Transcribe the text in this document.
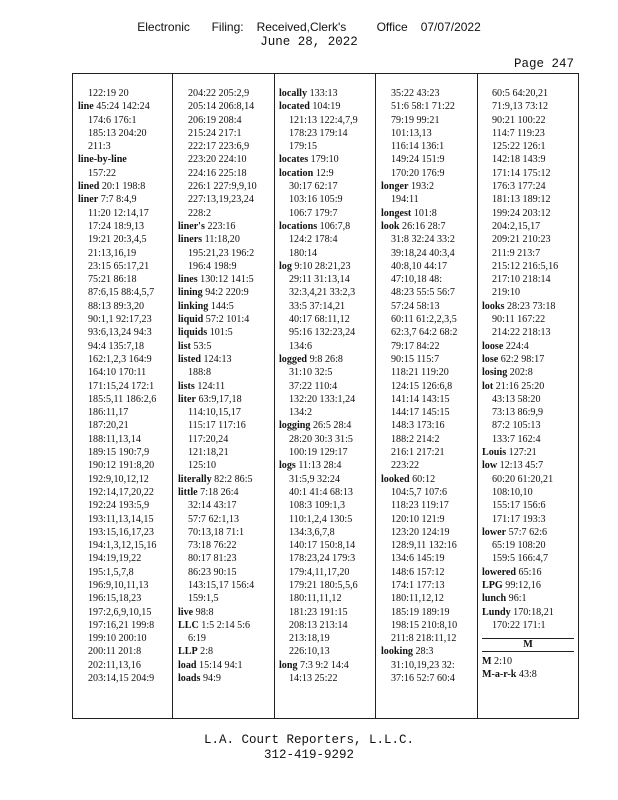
Electronic     Filing:   Received,Clerk's       Office   07/07/2022
June 28, 2022
Page 247
122:19 20
line 45:24 142:24
174:6 176:1
185:13 204:20
211:3
line-by-line
157:22
lined 20:1 198:8
liner 7:7 8:4,9
11:20 12:14,17
17:24 18:9,13
19:21 20:3,4,5
21:13,16,19
23:15 65:17,21
75:21 86:18
87:6,15 88:4,5,7
88:13 89:3,20
90:1,1 92:17,23
93:6,13,24 94:3
94:4 135:7,18
162:1,2,3 164:9
164:10 170:11
171:15,24 172:1
185:5,11 186:2,6
186:11,17
187:20,21
188:11,13,14
189:15 190:7,9
190:12 191:8,20
192:9,10,12,12
192:14,17,20,22
192:24 193:5,9
193:11,13,14,15
193:15,16,17,23
194:1,3,12,15,16
194:19,19,22
195:1,5,7,8
196:9,10,11,13
196:15,18,23
197:2,6,9,10,15
197:16,21 199:8
199:10 200:10
200:11 201:8
202:11,13,16
203:14,15 204:9
204:22 205:2,9
205:14 206:8,14
206:19 208:4
215:24 217:1
222:17 223:6,9
223:20 224:10
224:16 225:18
226:1 227:9,9,10
227:13,19,23,24
228:2
liner's 223:16
liners 11:18,20
195:21,23 196:2
196:4 198:9
lines 130:12 141:5
lining 94:2 220:9
linking 144:5
liquid 57:2 101:4
liquids 101:5
list 53:5
listed 124:13
188:8
lists 124:11
liter 63:9,17,18
114:10,15,17
115:17 117:16
117:20,24
121:18,21
125:10
literally 82:2 86:5
little 7:18 26:4
32:14 43:17
57:7 62:1,13
70:13,18 71:1
73:18 76:22
80:17 81:23
86:23 90:15
143:15,17 156:4
159:1,5
live 98:8
LLC 1:5 2:14 5:6
6:19
LLP 2:8
load 15:14 94:1
loads 94:9
locally 133:13
located 104:19
121:13 122:4,7,9
178:23 179:14
179:15
locates 179:10
location 12:9
30:17 62:17
103:16 105:9
106:7 179:7
locations 106:7,8
124:2 178:4
180:14
log 9:10 28:21,23
29:11 31:13,14
32:3,4,21 33:2,3
33:5 37:14,21
40:17 68:11,12
95:16 132:23,24
134:6
logged 9:8 26:8
31:10 32:5
37:22 110:4
132:20 133:1,24
134:2
logging 26:5 28:4
28:20 30:3 31:5
100:19 129:17
logs 11:13 28:4
31:5,9 32:24
40:1 41:4 68:13
108:3 109:1,3
110:1,2,4 130:5
134:3,6,7,8
140:17 150:8,14
178:23,24 179:3
179:4,11,17,20
179:21 180:5,5,6
180:11,11,12
181:23 191:15
208:13 213:14
213:18,19
226:10,13
long 7:3 9:2 14:4
14:13 25:22
35:22 43:23
51:6 58:1 71:22
79:19 99:21
101:13,13
116:14 136:1
149:24 151:9
170:20 176:9
longer 193:2
194:11
longest 101:8
look 26:16 28:7
31:8 32:24 33:2
39:18,24 40:3,4
40:8,10 44:17
47:10,18 48:
48:23 55:5 56:7
57:24 58:13
60:11 61:2,2,3,5
62:3,7 64:2 68:2
79:17 84:22
90:15 115:7
118:21 119:20
124:15 126:6,8
141:14 143:15
144:17 145:15
148:3 173:16
188:2 214:2
216:1 217:21
223:22
looked 60:12
104:5,7 107:6
118:23 119:17
120:10 121:9
123:20 124:19
128:9,11 132:16
134:6 145:19
148:6 157:12
174:1 177:13
180:11,12,12
185:19 189:19
198:15 210:8,10
211:8 218:11,12
looking 28:3
31:10,19,23 32:
37:16 52:7 60:4
60:5 64:20,21
71:9,13 73:12
90:21 100:22
114:7 119:23
125:22 126:1
142:18 143:9
171:14 175:12
176:3 177:24
181:13 189:12
199:24 203:12
204:2,15,17
209:21 210:23
211:9 213:7
215:12 216:5,16
217:10 218:14
219:10
looks 28:23 73:18
90:11 167:22
214:22 218:13
loose 224:4
lose 62:2 98:17
losing 202:8
lot 21:16 25:20
43:13 58:20
73:13 86:9,9
87:2 105:13
133:7 162:4
Louis 127:21
low 12:13 45:7
60:20 61:20,21
108:10,10
155:17 156:6
171:17 193:3
lower 57:7 62:6
65:19 108:20
159:5 166:4,7
lowered 65:16
LPG 99:12,16
lunch 96:1
Lundy 170:18,21
170:22 171:1
M
M 2:10
M-a-r-k 43:8
L.A. Court Reporters, L.L.C.
312-419-9292
